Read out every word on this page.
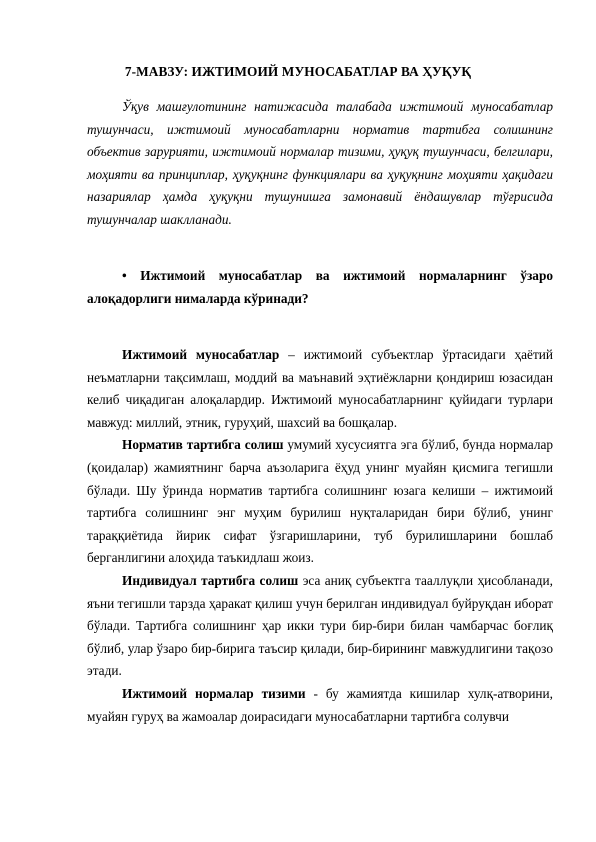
7-МАВЗУ: ИЖТИМОИЙ МУНОСАБАТЛАР ВА ҲУҚУҚ

Ўқув машғулотининг натижасида талабада ижтимоий муносабатлар тушунчаси, ижтимоий муносабатларни норматив тартибга солишнинг объектив зарурияти, ижтимоий нормалар тизими, ҳуқуқ тушунчаси, белгилари, моҳияти ва принциплар, ҳуқуқнинг функциялари ва ҳуқуқнинг моҳияти ҳақидаги назариялар ҳамда ҳуқуқни тушунишга замонавий ёндашувлар тўғрисида тушунчалар шаклланади.

• Ижтимоий муносабатлар ва ижтимоий нормаларнинг ўзаро алоқадорлиги нималарда кўринади?

Ижтимоий муносабатлар – ижтимоий субъектлар ўртасидаги ҳаётий неъматларни тақсимлаш, моддий ва маънавий эҳтиёжларни қондириш юзасидан келиб чиқадиган алоқалардир. Ижтимоий муносабатларнинг қуйидаги турлари мавжуд: миллий, этник, гуруҳий, шахсий ва бошқалар.

Норматив тартибга солиш умумий хусусиятга эга бўлиб, бунда нормалар (қоидалар) жамиятнинг барча аъзоларига ёҳуд унинг муайян қисмига тегишли бўлади. Шу ўринда норматив тартибга солишнинг юзага келиши – ижтимоий тартибга солишнинг энг муҳим бурилиш нуқталаридан бири бўлиб, унинг тараққиётида йирик сифат ўзгаришларини, туб бурилишларини бошлаб берганлигини алоҳида таъкидлаш жоиз.

Индивидуал тартибга солиш эса аниқ субъектга тааллуқли ҳисобланади, яъни тегишли тарзда ҳаракат қилиш учун берилган индивидуал буйруқдан иборат бўлади. Тартибга солишнинг ҳар икки тури бир-бири билан чамбарчас боғлиқ бўлиб, улар ўзаро бир-бирига таъсир қилади, бир-бирининг мавжудлигини тақозо этади.

Ижтимоий нормалар тизими - бу жамиятда кишилар хулқ-атворини, муайян гуруҳ ва жамоалар доирасидаги муносабатларни тартибга солувчи
